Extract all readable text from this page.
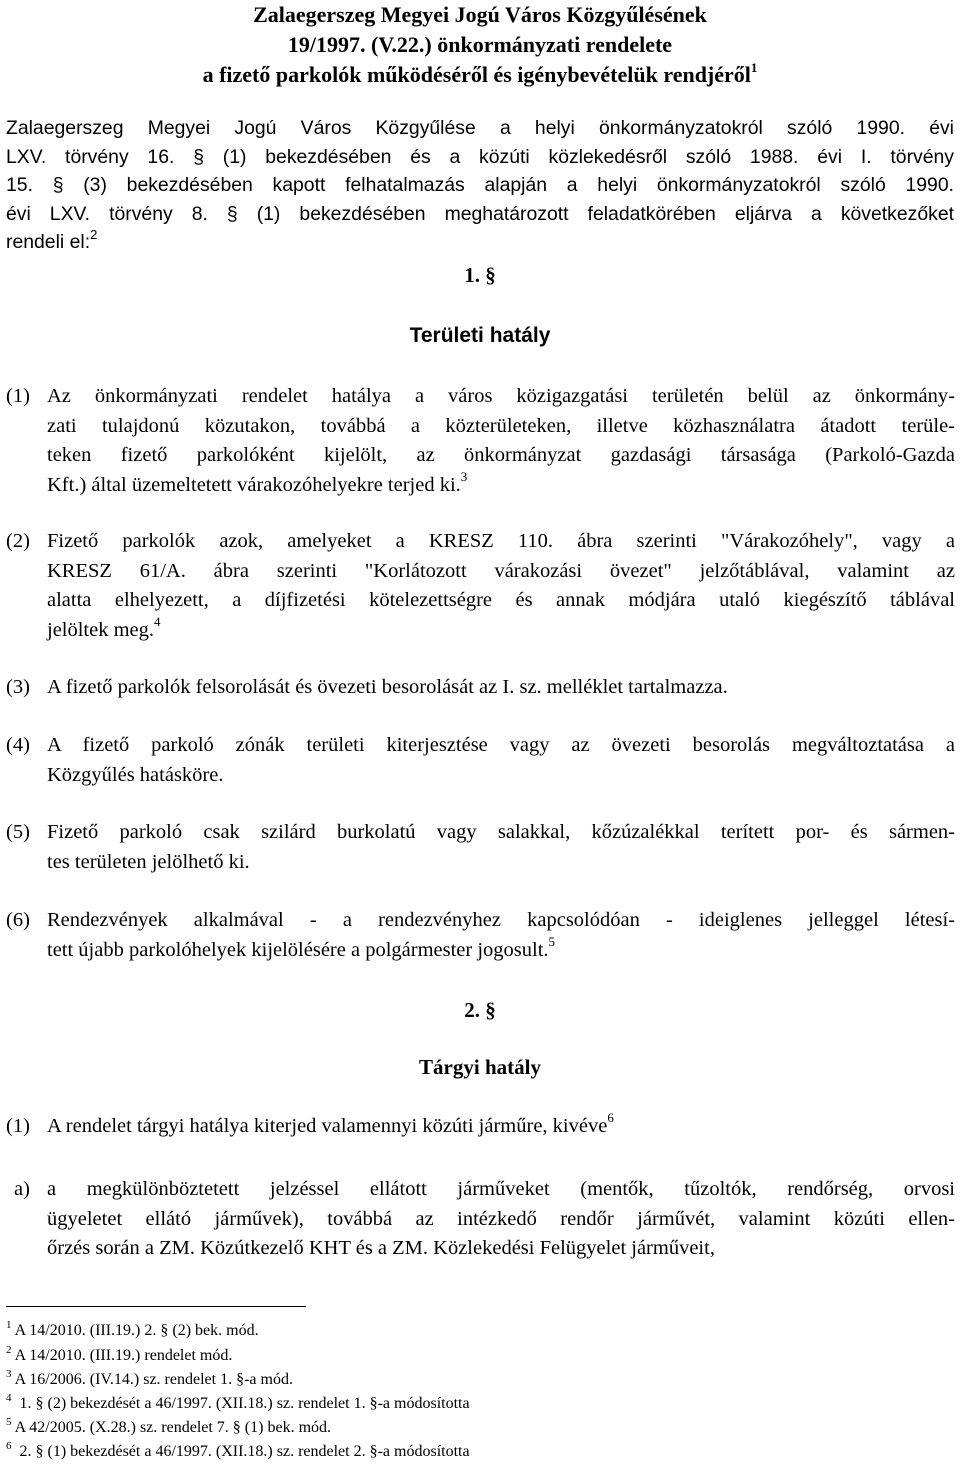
Zalaegerszeg Megyei Jogú Város Közgyűlésének
19/1997. (V.22.) önkormányzati rendelete
a fizető parkolók működéséről és igénybevételük rendjéről$^1$
Zalaegerszeg Megyei Jogú Város Közgyűlése a helyi önkormányzatokról szóló 1990. évi
LXV. törvény 16. § (1) bekezdésében és a közúti közlekedésről szóló 1988. évi I. törvény
15. § (3) bekezdésében kapott felhatalmazás alapján a helyi önkormányzatokról szóló 1990.
évi LXV. törvény 8. § (1) bekezdésében meghatározott feladatkörében eljárva a következőket
rendeli el:$^2$
1. §
Területi hatály
(1) Az önkormányzati rendelet hatálya a város közigazgatási területén belül az önkormány-
zati tulajdonú közutakon, továbbá a közterületeken, illetve közhasználatra átadott terüle-
teken fizető parkolóként kijelölt, az önkormányzat gazdasági társasága (Parkoló-Gazda
Kft.) által üzemeltetett várakozóhelyekre terjed ki.$^3$
(2) Fizető parkolók azok, amelyeket a KRESZ 110. ábra szerinti "Várakozóhely", vagy a
KRESZ 61/A. ábra szerinti "Korlátozott várakozási övezet" jelzőtáblával, valamint az
alatta elhelyezett, a díjfizetési kötelezettségre és annak módjára utaló kiegészítő táblával
jelöltek meg.$^4$
(3) A fizető parkolók felsorolását és övezeti besorolását az I. sz. melléklet tartalmazza.
(4) A fizető parkoló zónák területi kiterjesztése vagy az övezeti besorolás megváltoztatása a
Közgyűlés hatásköre.
(5) Fizető parkoló csak szilárd burkolatú vagy salakkal, kőzúzalékkal terített por- és sármen-
tes területen jelölhető ki.
(6) Rendezvények alkalmával - a rendezvényhez kapcsolódóan - ideiglenes jelleggel létesí-
tett újabb parkolóhelyek kijelölésére a polgármester jogosult.$^5$
2. §
Tárgyi hatály
(1) A rendelet tárgyi hatálya kiterjed valamennyi közúti járműre, kivéve$^6$
a) a megkülönböztetett jelzéssel ellátott járműveket (mentők, tűzoltók, rendőrség, orvosi
ügyeletet ellátó járművek), továbbá az intézkedő rendőr járművét, valamint közúti ellen-
őrzés során a ZM. Közútkezelő KHT és a ZM. Közlekedési Felügyelet járműveit,
$^1$ A 14/2010. (III.19.) 2. § (2) bek. mód.
$^2$ A 14/2010. (III.19.) rendelet mód.
$^3$ A 16/2006. (IV.14.) sz. rendelet 1. §-a mód.
$^4$  1. § (2) bekezdését a 46/1997. (XII.18.) sz. rendelet 1. §-a módosította
$^5$ A 42/2005. (X.28.) sz. rendelet 7. § (1) bek. mód.
$^6$  2. § (1) bekezdését a 46/1997. (XII.18.) sz. rendelet 2. §-a módosította
